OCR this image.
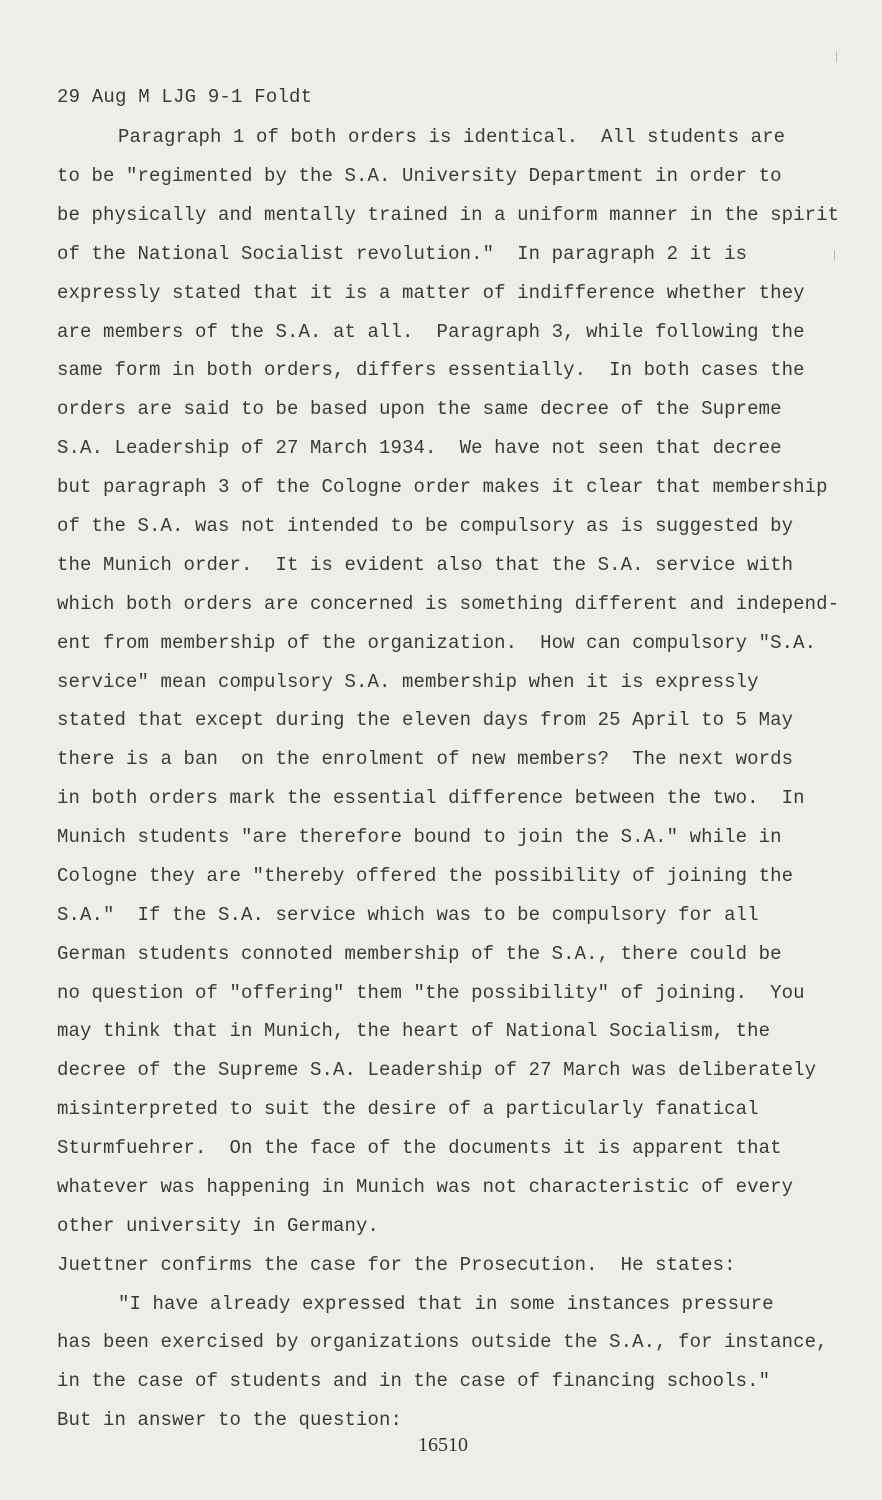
29 Aug M LJG 9-1 Foldt
Paragraph 1 of both orders is identical.  All students are
to be "regimented by the S.A. University Department in order to
be physically and mentally trained in a uniform manner in the spirit
of the National Socialist revolution."  In paragraph 2 it is
expressly stated that it is a matter of indifference whether they
are members of the S.A. at all.  Paragraph 3, while following the
same form in both orders, differs essentially.  In both cases the
orders are said to be based upon the same decree of the Supreme
S.A. Leadership of 27 March 1934.  We have not seen that decree
but paragraph 3 of the Cologne order makes it clear that membership
of the S.A. was not intended to be compulsory as is suggested by
the Munich order.  It is evident also that the S.A. service with
which both orders are concerned is something different and independ-
ent from membership of the organization.  How can compulsory "S.A.
service" mean compulsory S.A. membership when it is expressly
stated that except during the eleven days from 25 April to 5 May
there is a ban  on the enrolment of new members?  The next words
in both orders mark the essential difference between the two.  In
Munich students "are therefore bound to join the S.A." while in
Cologne they are "thereby offered the possibility of joining the
S.A."  If the S.A. service which was to be compulsory for all
German students connoted membership of the S.A., there could be
no question of "offering" them "the possibility" of joining.  You
may think that in Munich, the heart of National Socialism, the
decree of the Supreme S.A. Leadership of 27 March was deliberately
misinterpreted to suit the desire of a particularly fanatical
Sturmfuehrer.  On the face of the documents it is apparent that
whatever was happening in Munich was not characteristic of every
other university in Germany.
Juettner confirms the case for the Prosecution.  He states:
"I have already expressed that in some instances pressure
has been exercised by organizations outside the S.A., for instance,
in the case of students and in the case of financing schools."
But in answer to the question:
16510
